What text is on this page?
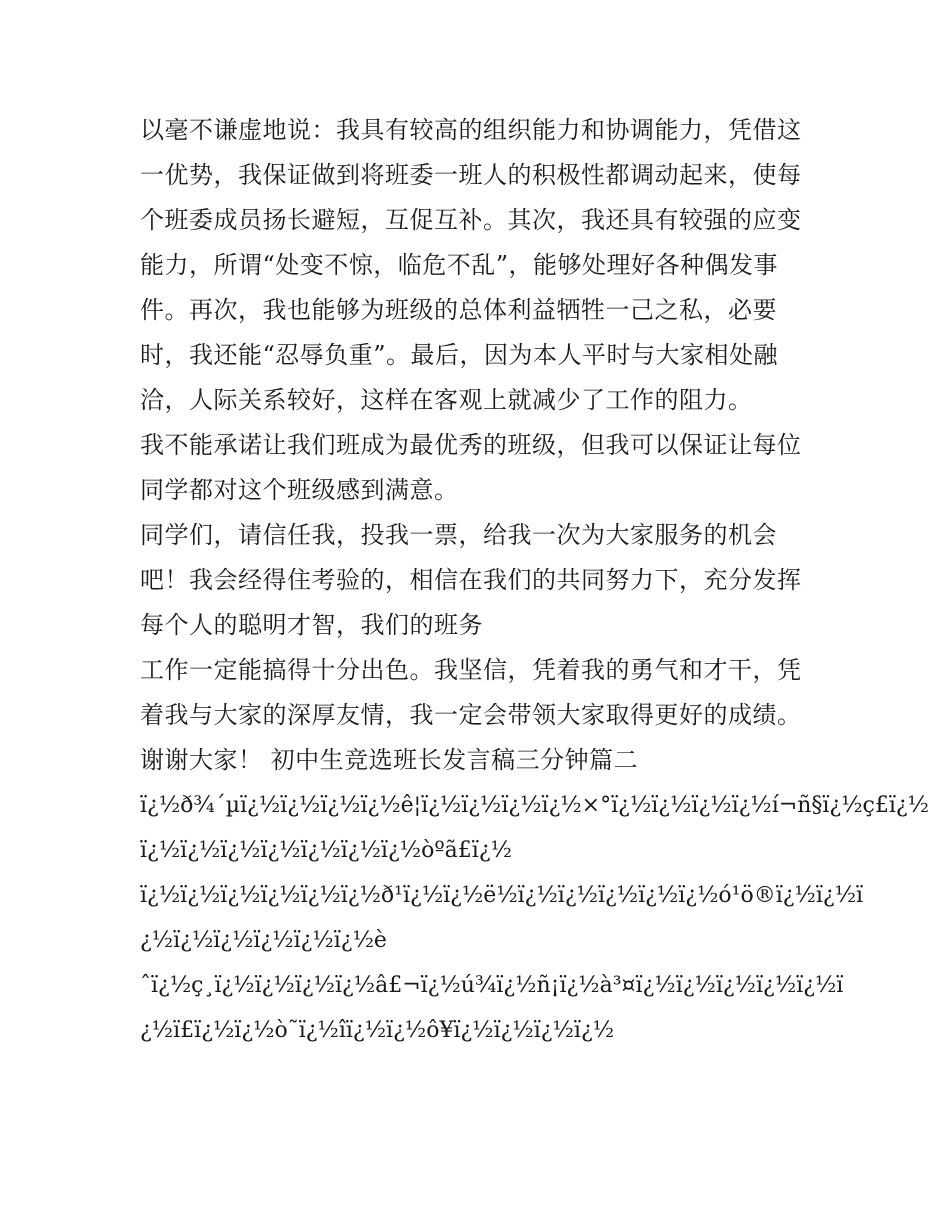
以毫不谦虚地说：我具有较高的组织能力和协调能力，凭借这
一优势，我保证做到将班委一班人的积极性都调动起来，使每
个班委成员扬长避短，互促互补。其次，我还具有较强的应变
能力，所谓“处变不惊，临危不乱”，能够处理好各种偶发事
件。再次，我也能够为班级的总体利益牺牲一己之私，必要
时，我还能“忍辱负重”。最后，因为本人平时与大家相处融
洽，人际关系较好，这样在客观上就减少了工作的阻力。
我不能承诺让我们班成为最优秀的班级，但我可以保证让每位
同学都对这个班级感到满意。
同学们，请信任我，投我一票，给我一次为大家服务的机会
吧！我会经得住考验的，相信在我们的共同努力下，充分发挥
每个人的聪明才智，我们的班务
工作一定能搞得十分出色。我坚信，凭着我的勇气和才干，凭
着我与大家的深厚友情，我一定会带领大家取得更好的成绩。
谢谢大家！ 初中生竞选班长发言稿三分钟篇二
ï¿½ð¾´µï¿½ï¿½ï¿½ï¿½ê¦ï¿½ï¿½ï¿½ï¿½×°ï¿½ï¿½ï¿½ï¿½í¬ñ§ï¿½ç£ï¿½
ï¿½ï¿½ï¿½ï¿½ï¿½ï¿½ï¿½òºã£ï¿½
ï¿½ï¿½ï¿½ï¿½ï¿½ï¿½ð¹ï¿½ï¿½ë½ï¿½ï¿½ï¿½ï¿½ï¿½ó¹ö®ï¿½ï¿½ï
¿½ï¿½ï¿½ï¿½ï¿½ï¿½è
ˆï¿½ç¸ï¿½ï¿½ï¿½ï¿½â£¬ï¿½ú¾ï¿½ñ¡ï¿½à³¤ï¿½ï¿½ï¿½ï¿½ï¿½ï
¿½ï£ï¿½ï¿½ò˜ï¿½îï¿½ï¿½ô¥ï¿½ï¿½ï¿½ï¿½
